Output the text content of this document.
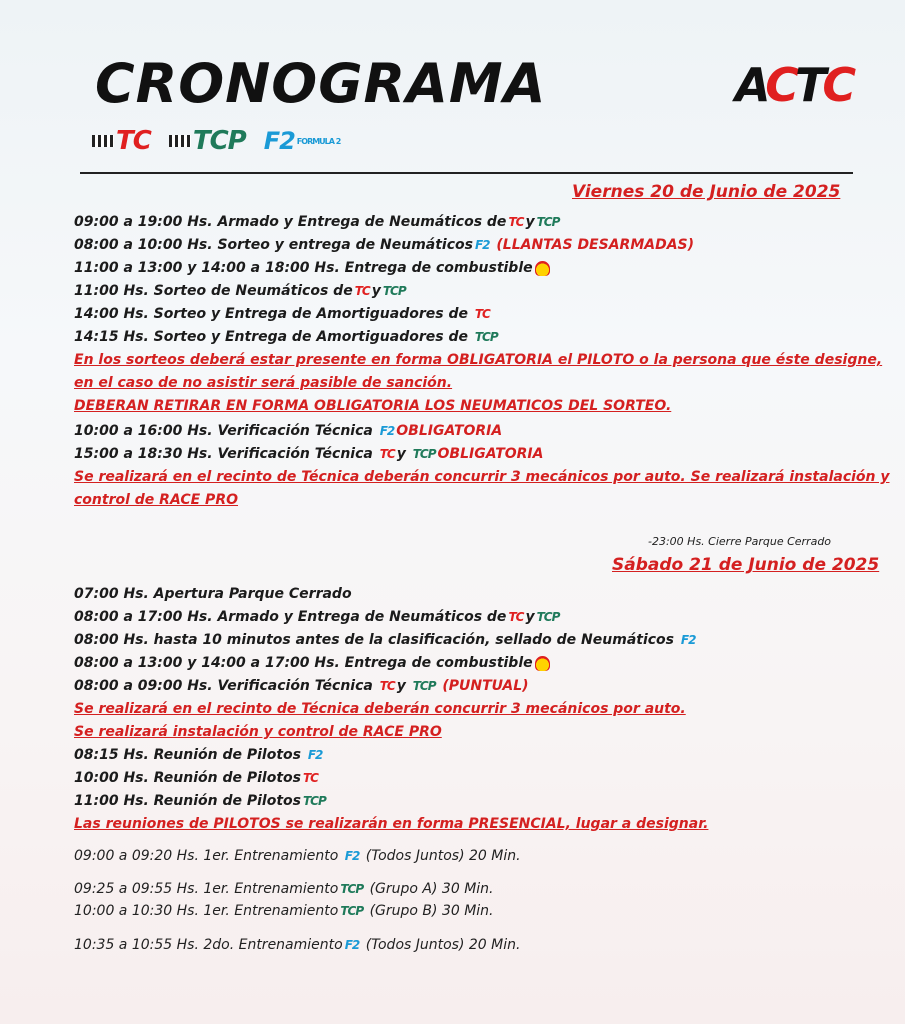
CRONOGRAMA	ACTC
TC TCP F2 FORMULA 2
Viernes 20 de Junio de 2025
09:00 a 19:00 Hs. Armado y Entrega de Neumáticos de TC y TCP
08:00 a 10:00 Hs. Sorteo y entrega de Neumáticos F2 (LLANTAS DESARMADAS)
11:00 a 13:00 y 14:00 a 18:00 Hs. Entrega de combustible
11:00 Hs. Sorteo de Neumáticos de TC y TCP
14:00 Hs. Sorteo y Entrega de Amortiguadores de TC
14:15 Hs. Sorteo y Entrega de Amortiguadores de TCP
En los sorteos deberá estar presente en forma OBLIGATORIA el PILOTO o la persona que éste designe,
en el caso de no asistir será pasible de sanción.
DEBERAN RETIRAR EN FORMA OBLIGATORIA LOS NEUMATICOS DEL SORTEO.
10:00 a 16:00 Hs. Verificación Técnica F2 OBLIGATORIA
15:00 a 18:30 Hs. Verificación Técnica TC y TCP OBLIGATORIA
Se realizará en el recinto de Técnica deberán concurrir 3 mecánicos por auto. Se realizará instalación y
control de RACE PRO
-23:00 Hs. Cierre Parque Cerrado
Sábado 21 de Junio de 2025
07:00 Hs. Apertura Parque Cerrado
08:00 a 17:00 Hs. Armado y Entrega de Neumáticos de TC y TCP
08:00 Hs. hasta 10 minutos antes de la clasificación, sellado de Neumáticos F2
08:00 a 13:00 y 14:00 a 17:00 Hs. Entrega de combustible
08:00 a 09:00 Hs. Verificación Técnica TC y TCP (PUNTUAL)
Se realizará en el recinto de Técnica deberán concurrir 3 mecánicos por auto.
Se realizará instalación y control de RACE PRO
08:15 Hs. Reunión de Pilotos F2
10:00 Hs. Reunión de Pilotos TC
11:00 Hs. Reunión de Pilotos TCP
Las reuniones de PILOTOS se realizarán en forma PRESENCIAL, lugar a designar.
09:00 a 09:20 Hs. 1er. Entrenamiento F2 (Todos Juntos) 20 Min.
09:25 a 09:55 Hs. 1er. Entrenamiento TCP (Grupo A) 30 Min.
10:00 a 10:30 Hs. 1er. Entrenamiento TCP (Grupo B) 30 Min.
10:35 a 10:55 Hs. 2do. Entrenamiento F2 (Todos Juntos) 20 Min.
